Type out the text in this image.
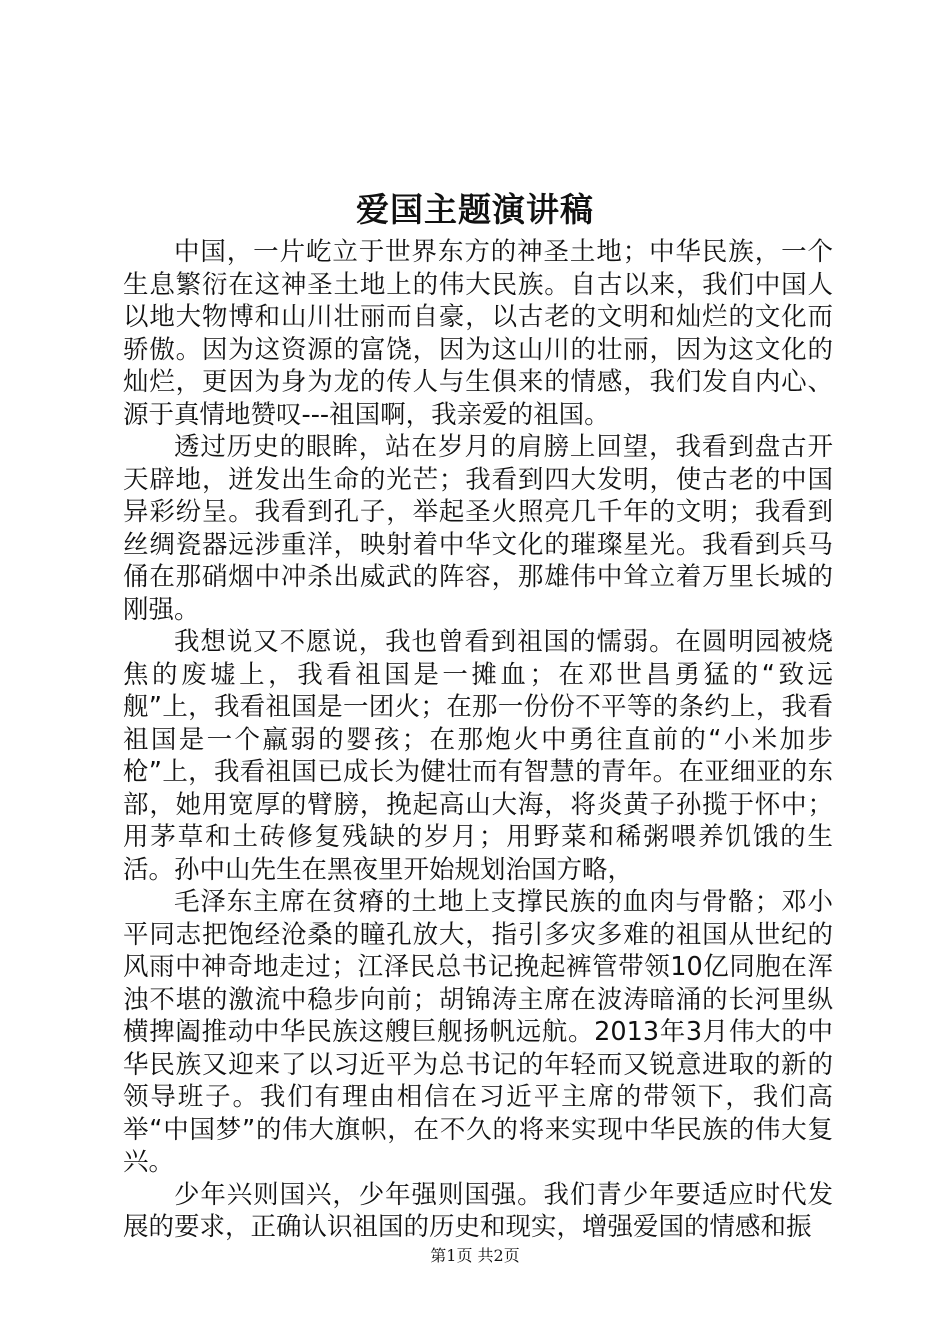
爱国主题演讲稿

中国，一片屹立于世界东方的神圣土地；中华民族，一个生息繁衍在这神圣土地上的伟大民族。自古以来，我们中国人以地大物博和山川壮丽而自豪，以古老的文明和灿烂的文化而骄傲。因为这资源的富饶，因为这山川的壮丽，因为这文化的灿烂，更因为身为龙的传人与生俱来的情感，我们发自内心、源于真情地赞叹---祖国啊，我亲爱的祖国。

透过历史的眼眸，站在岁月的肩膀上回望，我看到盘古开天辟地，迸发出生命的光芒；我看到四大发明，使古老的中国异彩纷呈。我看到孔子，举起圣火照亮几千年的文明；我看到丝绸瓷器远涉重洋，映射着中华文化的璀璨星光。我看到兵马俑在那硝烟中冲杀出威武的阵容，那雄伟中耸立着万里长城的刚强。

我想说又不愿说，我也曾看到祖国的懦弱。在圆明园被烧焦的废墟上，我看祖国是一摊血；在邓世昌勇猛的“致远舰”上，我看祖国是一团火；在那一份份不平等的条约上，我看祖国是一个羸弱的婴孩；在那炮火中勇往直前的“小米加步枪”上，我看祖国已成长为健壮而有智慧的青年。在亚细亚的东部，她用宽厚的臂膀，挽起高山大海，将炎黄子孙揽于怀中；用茅草和土砖修复残缺的岁月；用野菜和稀粥喂养饥饿的生活。孙中山先生在黑夜里开始规划治国方略，

毛泽东主席在贫瘠的土地上支撑民族的血肉与骨骼；邓小平同志把饱经沧桑的瞳孔放大，指引多灾多难的祖国从世纪的风雨中神奇地走过；江泽民总书记挽起裤管带领10亿同胞在浑浊不堪的激流中稳步向前；胡锦涛主席在波涛暗涌的长河里纵横捭阖推动中华民族这艘巨舰扬帆远航。2013年3月伟大的中华民族又迎来了以习近平为总书记的年轻而又锐意进取的新的领导班子。我们有理由相信在习近平主席的带领下，我们高举“中国梦”的伟大旗帜，在不久的将来实现中华民族的伟大复兴。

少年兴则国兴，少年强则国强。我们青少年要适应时代发展的要求，正确认识祖国的历史和现实，增强爱国的情感和振

第1页 共2页
